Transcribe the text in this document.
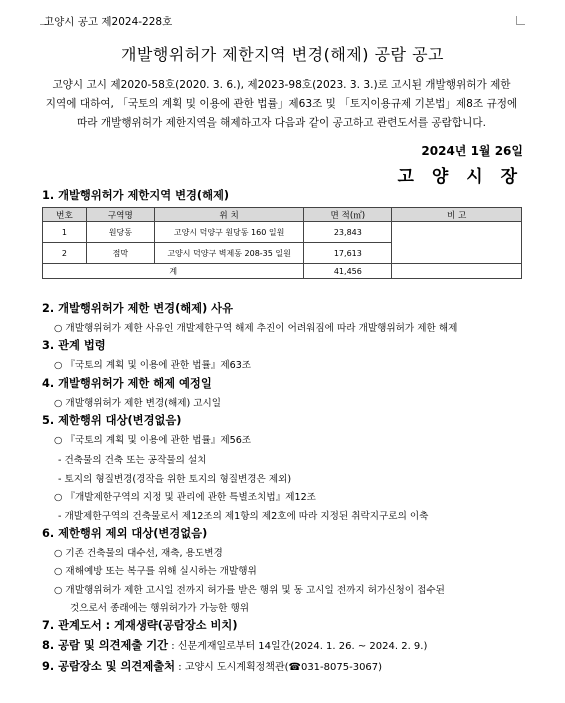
고양시 공고 제2024-228호
개발행위허가 제한지역 변경(해제) 공람 공고
고양시 고시 제2020-58호(2020. 3. 6.), 제2023-98호(2023. 3. 3.)로 고시된 개발행위허가 제한
지역에 대하여, 「국토의 계획 및 이용에 관한 법률」제63조 및 「토지이용규제 기본법」제8조 규정에
따라 개발행위허가 제한지역을 해제하고자 다음과 같이 공고하고 관련도서를 공람합니다.
2024년 1월 26일
고 양 시 장
1. 개발행위허가 제한지역 변경(해제)
번호	구역명	위 치	면 적(㎡)	비 고
1	원당동	고양시 덕양구 원당동 160 일원	23,843	
2	점막	고양시 덕양구 벽제동 208-35 일원	17,613	
계			41,456	
2. 개발행위허가 제한 변경(해제) 사유
○ 개발행위허가 제한 사유인 개발제한구역 해제 추진이 어려워짐에 따라 개발행위허가 제한 해제
3. 관계 법령
○ 『국토의 계획 및 이용에 관한 법률』제63조
4. 개발행위허가 제한 해제 예정일
○ 개발행위허가 제한 변경(해제) 고시일
5. 제한행위 대상(변경없음)
○ 『국토의 계획 및 이용에 관한 법률』제56조
- 건축물의 건축 또는 공작물의 설치
- 토지의 형질변경(경작을 위한 토지의 형질변경은 제외)
○ 『개발제한구역의 지정 및 관리에 관한 특별조치법』제12조
- 개발제한구역의 건축물로서 제12조의 제1항의 제2호에 따라 지정된 취락지구로의 이축
6. 제한행위 제외 대상(변경없음)
○ 기존 건축물의 대수선, 재축, 용도변경
○ 재해예방 또는 복구를 위해 실시하는 개발행위
○ 개발행위허가 제한 고시일 전까지 허가를 받은 행위 및 동 고시일 전까지 허가신청이 접수된
것으로서 종래에는 행위허가가 가능한 행위
7. 관계도서 : 게재생략(공람장소 비치)
8. 공람 및 의견제출 기간 : 신문게재일로부터 14일간(2024. 1. 26. ~ 2024. 2. 9.)
9. 공람장소 및 의견제출처 : 고양시 도시계획정책관(☎031-8075-3067)
